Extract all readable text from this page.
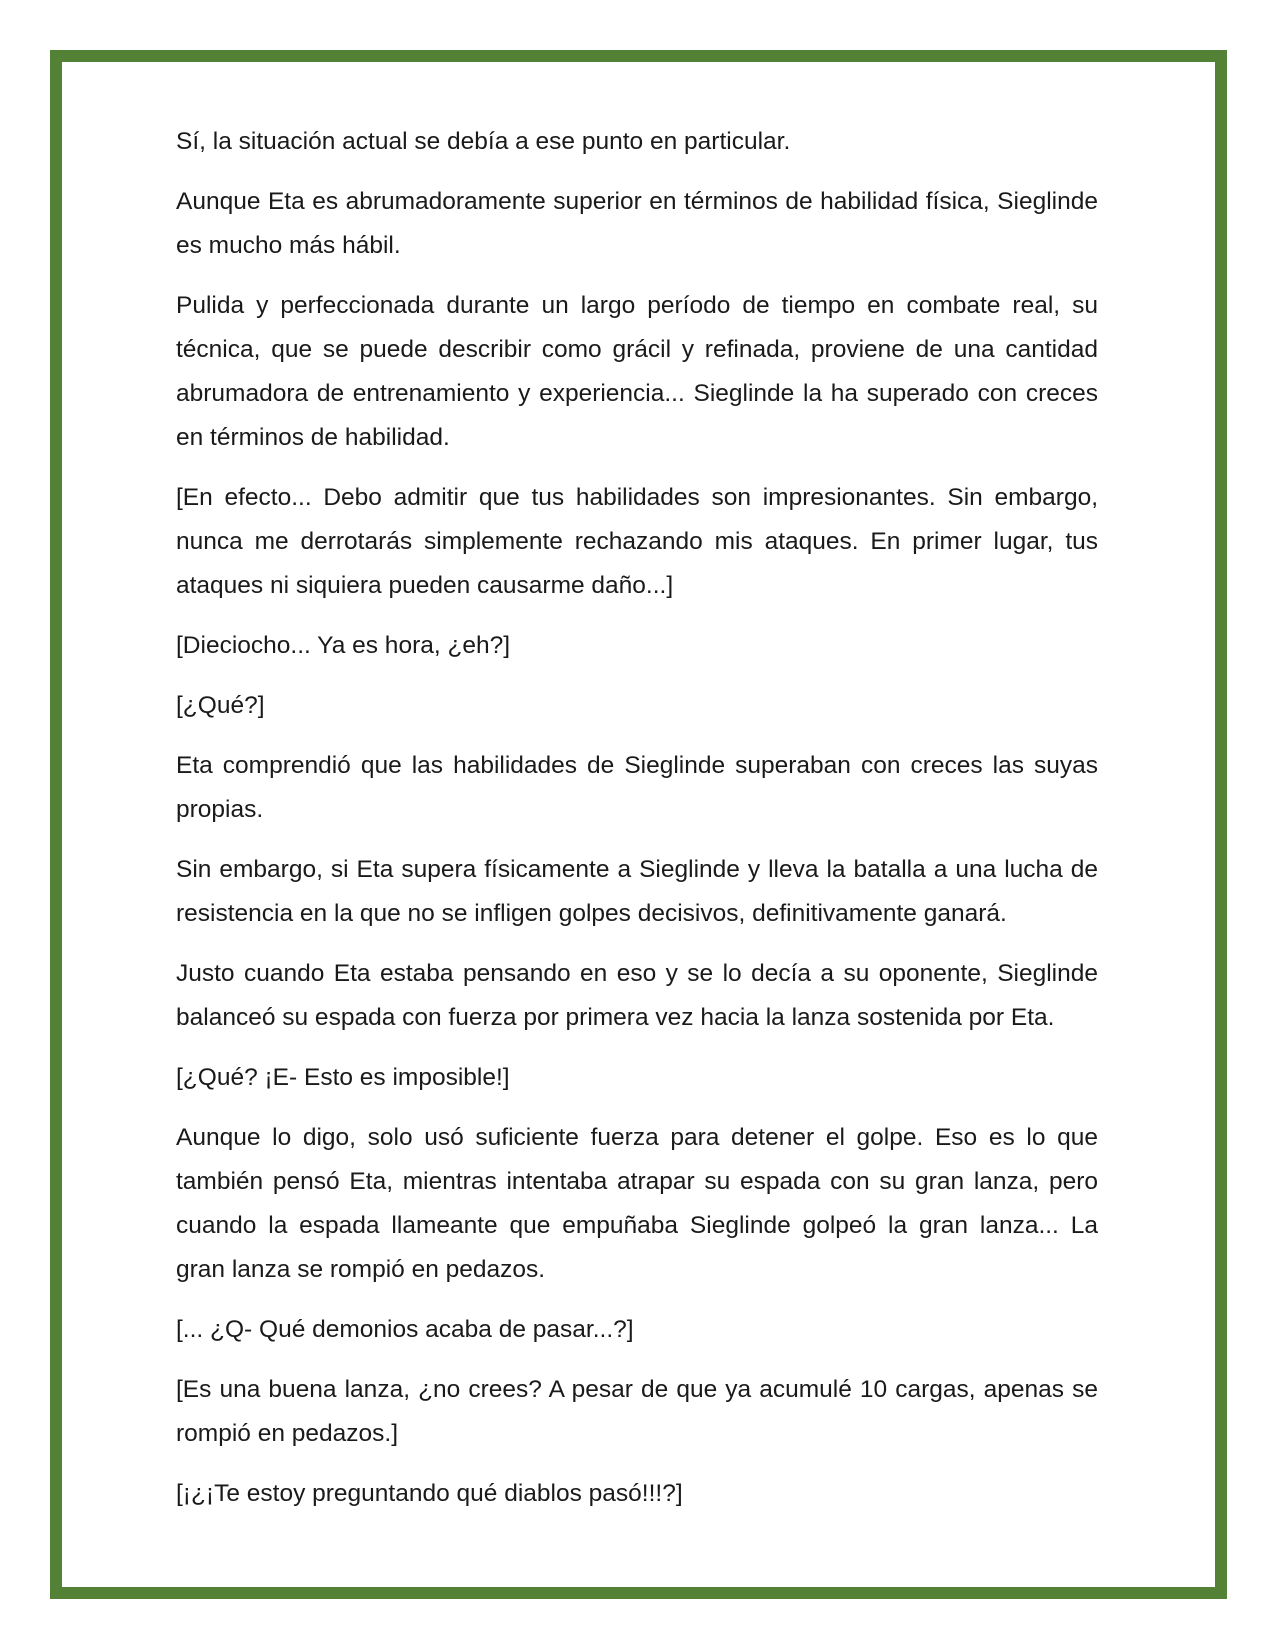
Sí, la situación actual se debía a ese punto en particular.

Aunque Eta es abrumadoramente superior en términos de habilidad física, Sieglinde es mucho más hábil.

Pulida y perfeccionada durante un largo período de tiempo en combate real, su técnica, que se puede describir como grácil y refinada, proviene de una cantidad abrumadora de entrenamiento y experiencia... Sieglinde la ha superado con creces en términos de habilidad.

[En efecto... Debo admitir que tus habilidades son impresionantes. Sin embargo, nunca me derrotarás simplemente rechazando mis ataques. En primer lugar, tus ataques ni siquiera pueden causarme daño...]

[Dieciocho... Ya es hora, ¿eh?]

[¿Qué?]

Eta comprendió que las habilidades de Sieglinde superaban con creces las suyas propias.

Sin embargo, si Eta supera físicamente a Sieglinde y lleva la batalla a una lucha de resistencia en la que no se infligen golpes decisivos, definitivamente ganará.

Justo cuando Eta estaba pensando en eso y se lo decía a su oponente, Sieglinde balanceó su espada con fuerza por primera vez hacia la lanza sostenida por Eta.

[¿Qué? ¡E- Esto es imposible!]

Aunque lo digo, solo usó suficiente fuerza para detener el golpe. Eso es lo que también pensó Eta, mientras intentaba atrapar su espada con su gran lanza, pero cuando la espada llameante que empuñaba Sieglinde golpeó la gran lanza... La gran lanza se rompió en pedazos.

[... ¿Q- Qué demonios acaba de pasar...?]

[Es una buena lanza, ¿no crees? A pesar de que ya acumulé 10 cargas, apenas se rompió en pedazos.]

[¡¿¡Te estoy preguntando qué diablos pasó!!!?]
